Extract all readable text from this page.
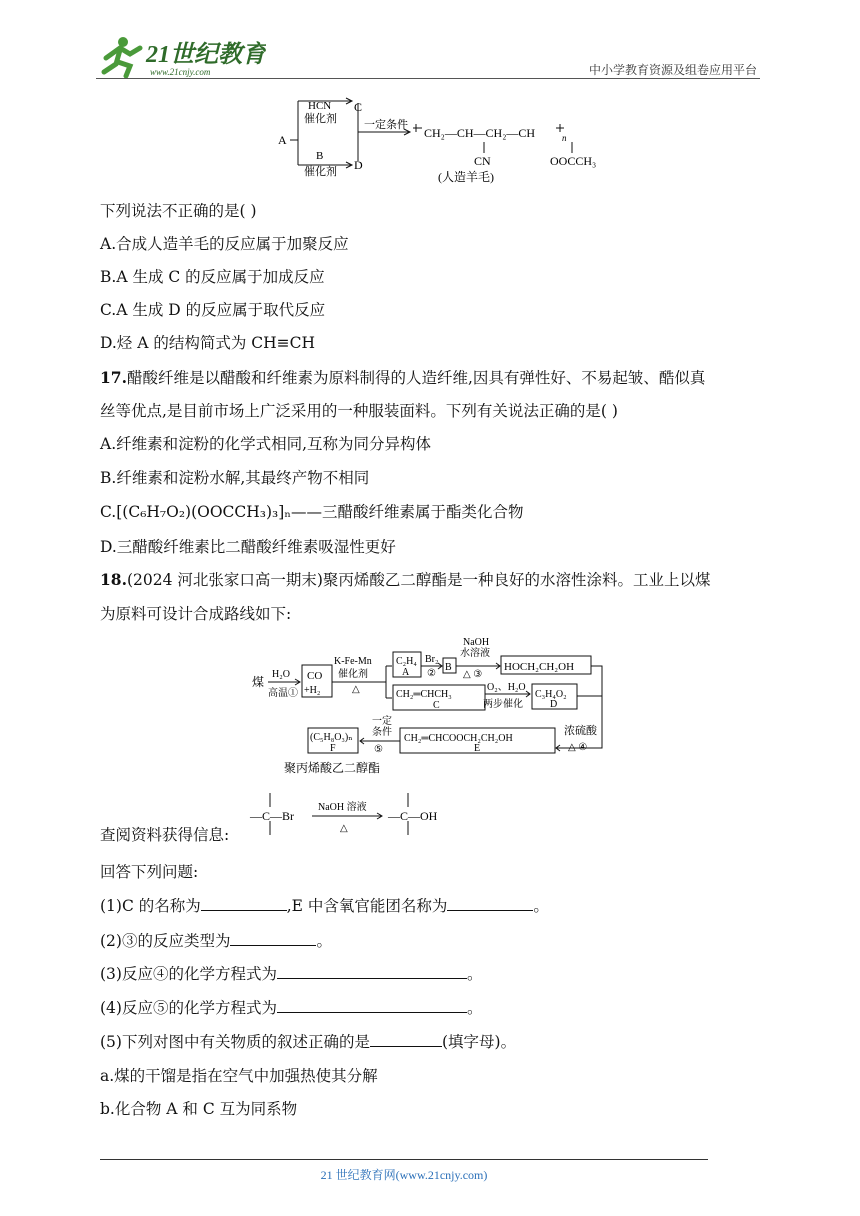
21世纪教育
www.21cnjy.com	中小学教育资源及组卷应用平台
A
HCN
催化剂
C
B
催化剂 D
一定条件
CH₂—CH—CH₂—CH	n
CN	OOCCH₃
(人造羊毛)
下列说法不正确的是( )
A.合成人造羊毛的反应属于加聚反应
B.A 生成 C 的反应属于加成反应
C.A 生成 D 的反应属于取代反应
D.烃 A 的结构简式为 CH≡CH
17.醋酸纤维是以醋酸和纤维素为原料制得的人造纤维,因具有弹性好、不易起皱、酷似真
丝等优点,是目前市场上广泛采用的一种服装面料。下列有关说法正确的是( )
A.纤维素和淀粉的化学式相同,互称为同分异构体
B.纤维素和淀粉水解,其最终产物不相同
C.[(C₆H₇O₂)(OOCCH₃)₃]ₙ——三醋酸纤维素属于酯类化合物
D.三醋酸纤维素比二醋酸纤维素吸湿性更好
18.(2024 河北张家口高一期末)聚丙烯酸乙二醇酯是一种良好的水溶性涂料。工业上以煤
为原料可设计合成路线如下:
煤
H₂O
高温①
CO
+H₂
K-Fe-Mn
催化剂
△
C₂H₄
A
Br₂
②
B
NaOH
水溶液
△ ③
HOCH₂CH₂OH
CH₂═CHCH₃
C
O₂、H₂O
两步催化
C₃H₄O₂
D
浓硫酸
△ ④
CH₂═CHCOOCH₂CH₂OH
E
一定
条件
⑤
(C₅H₈O₃)ₙ
F
聚丙烯酸乙二醇酯
查阅资料获得信息:
—C—Br
NaOH 溶液
△
—C—OH
回答下列问题:
(1)C 的名称为	,E 中含氧官能团名称为	。
(2)③的反应类型为	。
(3)反应④的化学方程式为	。
(4)反应⑤的化学方程式为	。
(5)下列对图中有关物质的叙述正确的是	(填字母)。
a.煤的干馏是指在空气中加强热使其分解
b.化合物 A 和 C 互为同系物
21 世纪教育网(www.21cnjy.com)
